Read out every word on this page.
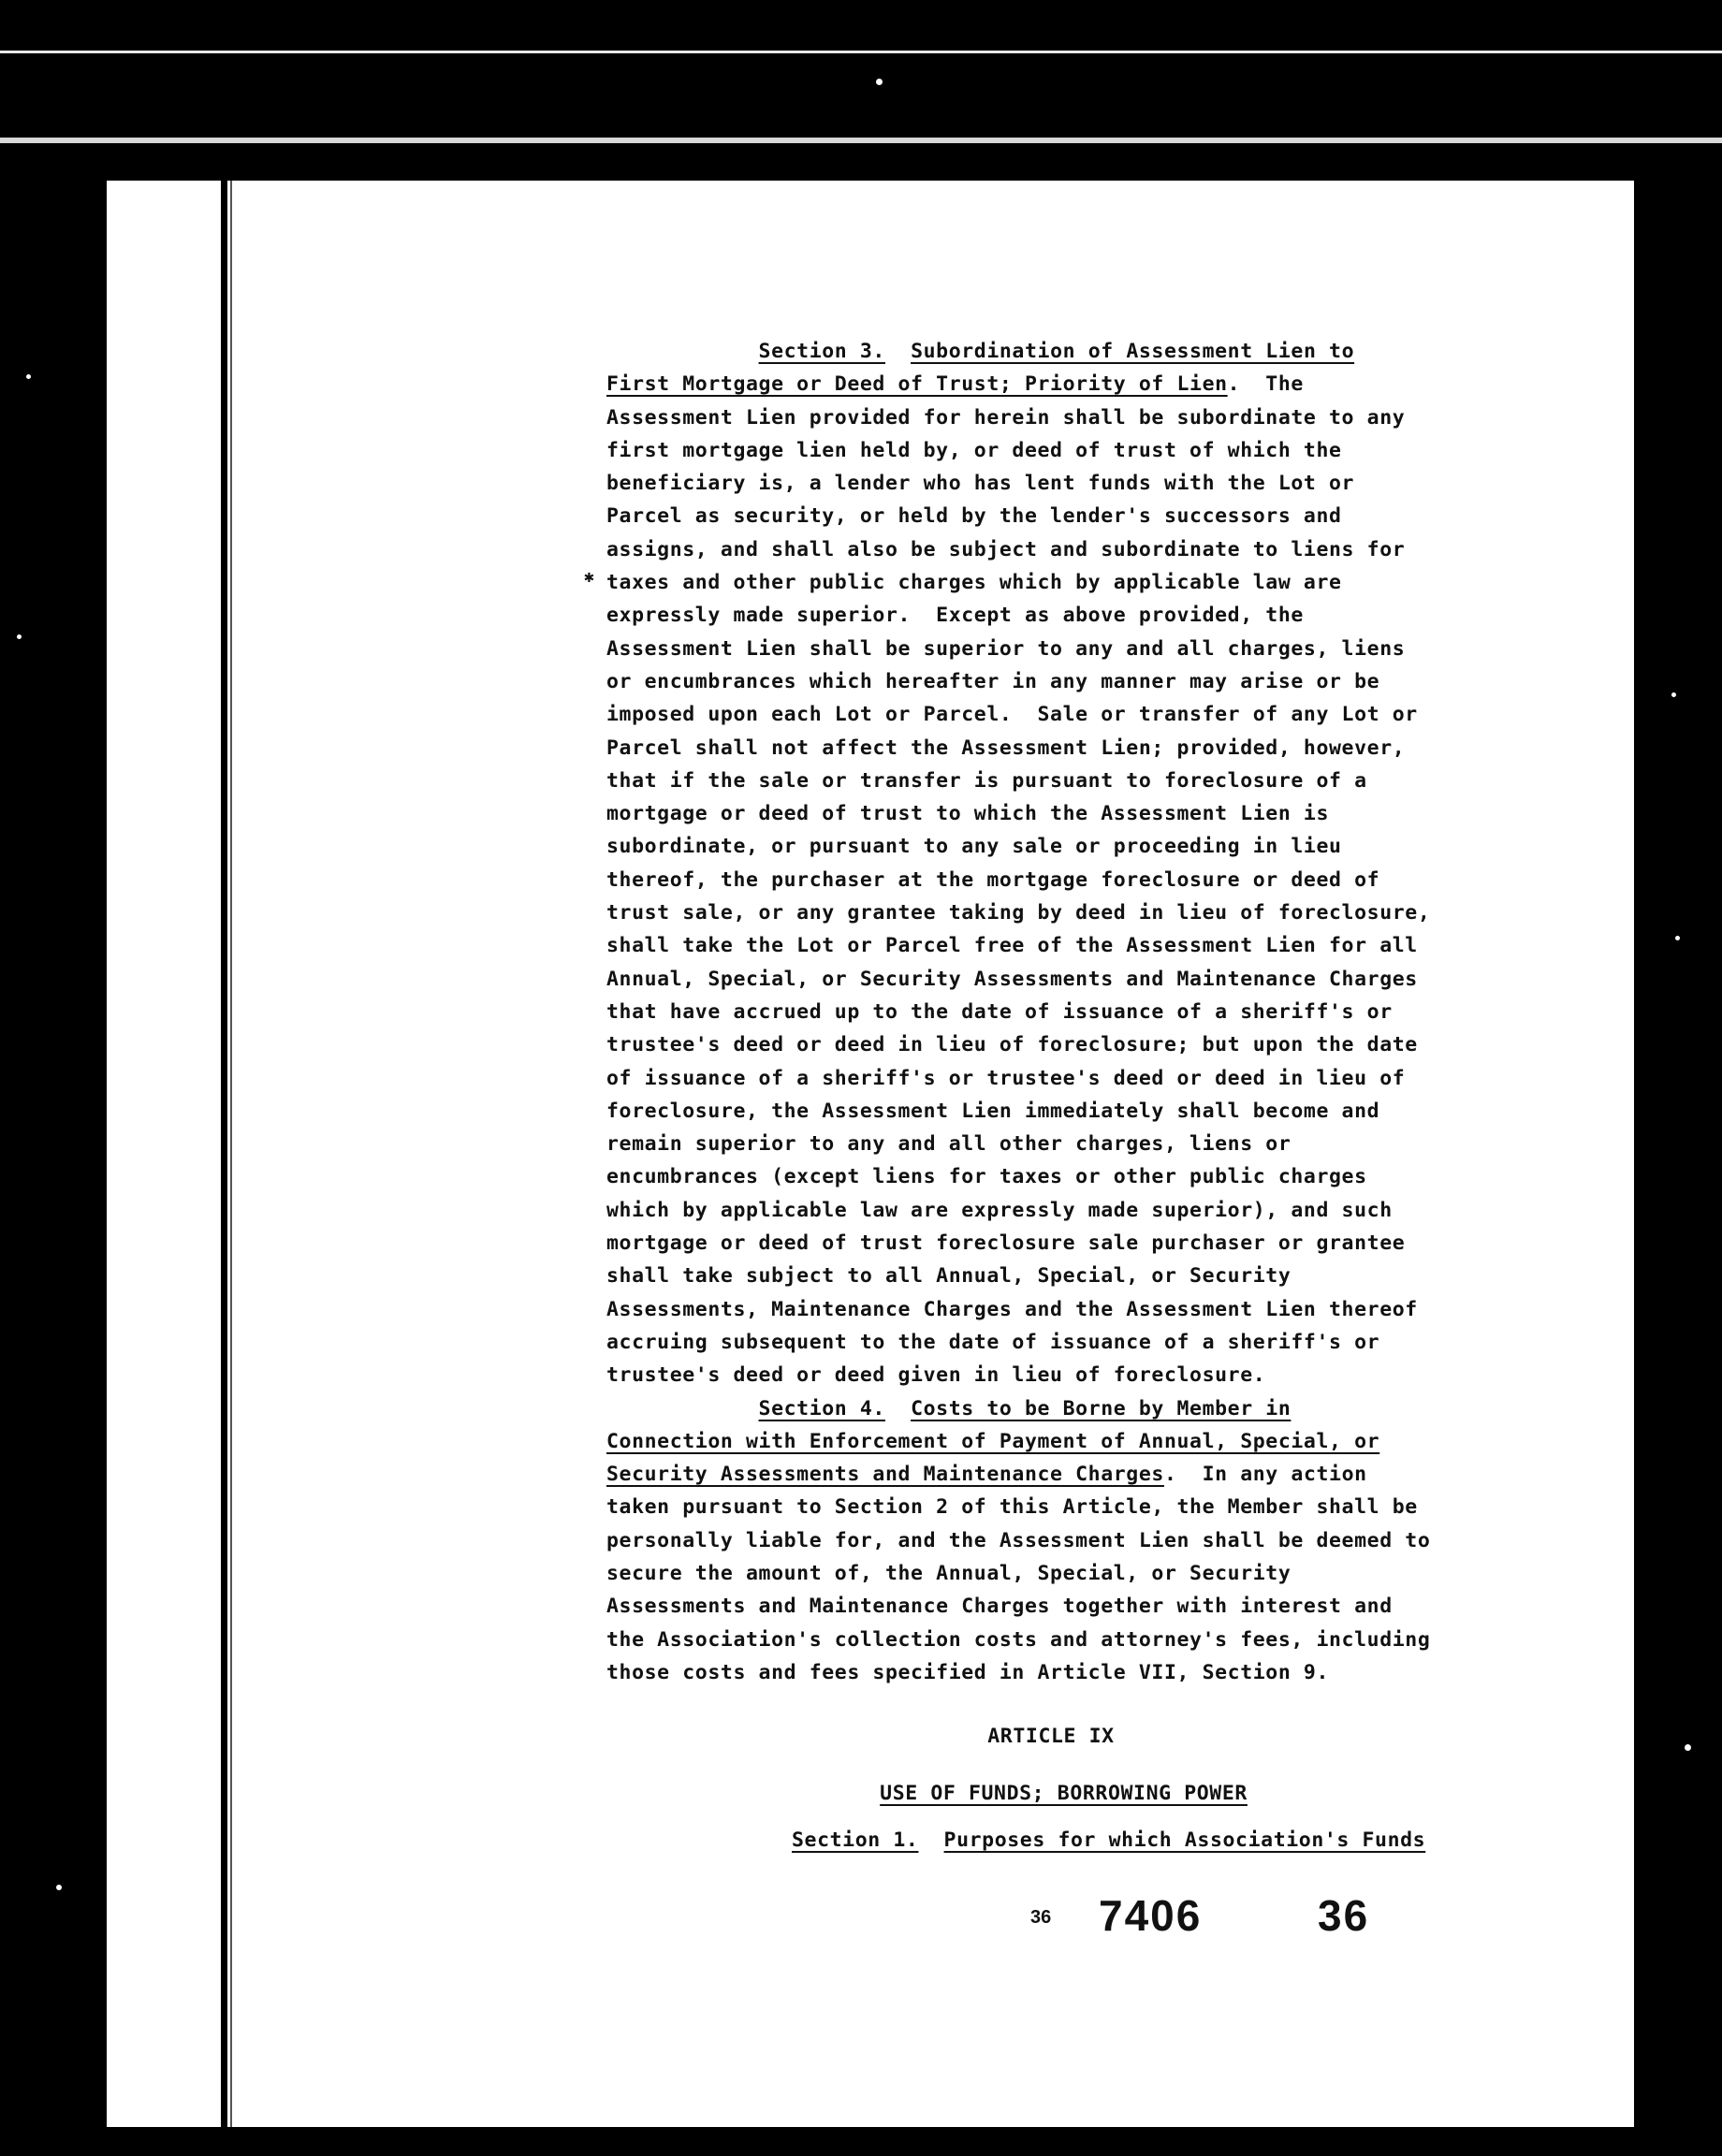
✱
Section 3. Subordination of Assessment Lien to
First Mortgage or Deed of Trust; Priority of Lien.  The
Assessment Lien provided for herein shall be subordinate to any
first mortgage lien held by, or deed of trust of which the
beneficiary is, a lender who has lent funds with the Lot or
Parcel as security, or held by the lender's successors and
assigns, and shall also be subject and subordinate to liens for
taxes and other public charges which by applicable law are
expressly made superior.  Except as above provided, the
Assessment Lien shall be superior to any and all charges, liens
or encumbrances which hereafter in any manner may arise or be
imposed upon each Lot or Parcel.  Sale or transfer of any Lot or
Parcel shall not affect the Assessment Lien; provided, however,
that if the sale or transfer is pursuant to foreclosure of a
mortgage or deed of trust to which the Assessment Lien is
subordinate, or pursuant to any sale or proceeding in lieu
thereof, the purchaser at the mortgage foreclosure or deed of
trust sale, or any grantee taking by deed in lieu of foreclosure,
shall take the Lot or Parcel free of the Assessment Lien for all
Annual, Special, or Security Assessments and Maintenance Charges
that have accrued up to the date of issuance of a sheriff's or
trustee's deed or deed in lieu of foreclosure; but upon the date
of issuance of a sheriff's or trustee's deed or deed in lieu of
foreclosure, the Assessment Lien immediately shall become and
remain superior to any and all other charges, liens or
encumbrances (except liens for taxes or other public charges
which by applicable law are expressly made superior), and such
mortgage or deed of trust foreclosure sale purchaser or grantee
shall take subject to all Annual, Special, or Security
Assessments, Maintenance Charges and the Assessment Lien thereof
accruing subsequent to the date of issuance of a sheriff's or
trustee's deed or deed given in lieu of foreclosure.
Section 4. Costs to be Borne by Member in
Connection with Enforcement of Payment of Annual, Special, or
Security Assessments and Maintenance Charges.  In any action
taken pursuant to Section 2 of this Article, the Member shall be
personally liable for, and the Assessment Lien shall be deemed to
secure the amount of, the Annual, Special, or Security
Assessments and Maintenance Charges together with interest and
the Association's collection costs and attorney's fees, including
those costs and fees specified in Article VII, Section 9.
ARTICLE IX

USE OF FUNDS; BORROWING POWER

Section 1. Purposes for which Association's Funds
36 7406	36
